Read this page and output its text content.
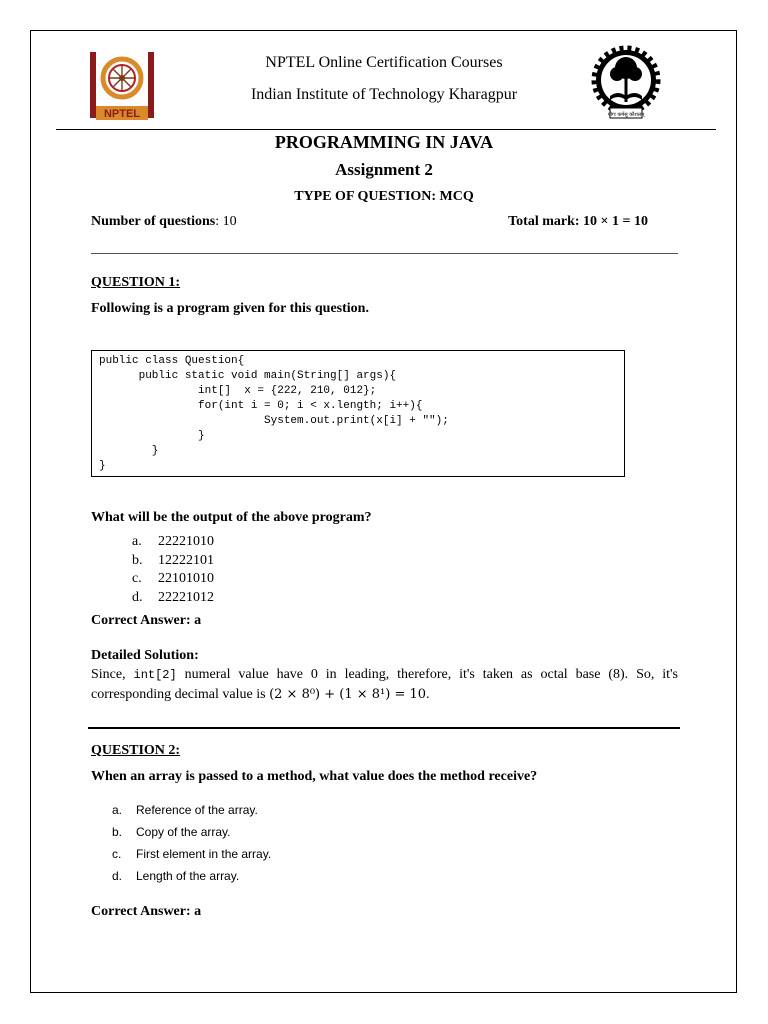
NPTEL
NPTEL Online Certification Courses
Indian Institute of Technology Kharagpur
योगः कर्मसु कौशलम्
PROGRAMMING IN JAVA
Assignment 2
TYPE OF QUESTION: MCQ
Number of questions: 10	Total mark: 10 × 1 = 10
QUESTION 1:
Following is a program given for this question.
public class Question{
public static void main(String[] args){
int[]  x = {222, 210, 012};
for(int i = 0; i < x.length; i++){
System.out.print(x[i] + "");
}
}
}
What will be the output of the above program?
a. 22221010
b. 12222101
c. 22101010
d. 22221012
Correct Answer: a
Detailed Solution:
Since, int[2] numeral value have 0 in leading, therefore, it's taken as octal base (8). So, it's corresponding decimal value is (2 × 8⁰) + (1 × 8¹) = 10.
QUESTION 2:
When an array is passed to a method, what value does the method receive?
a. Reference of the array.
b. Copy of the array.
c. First element in the array.
d. Length of the array.
Correct Answer: a
